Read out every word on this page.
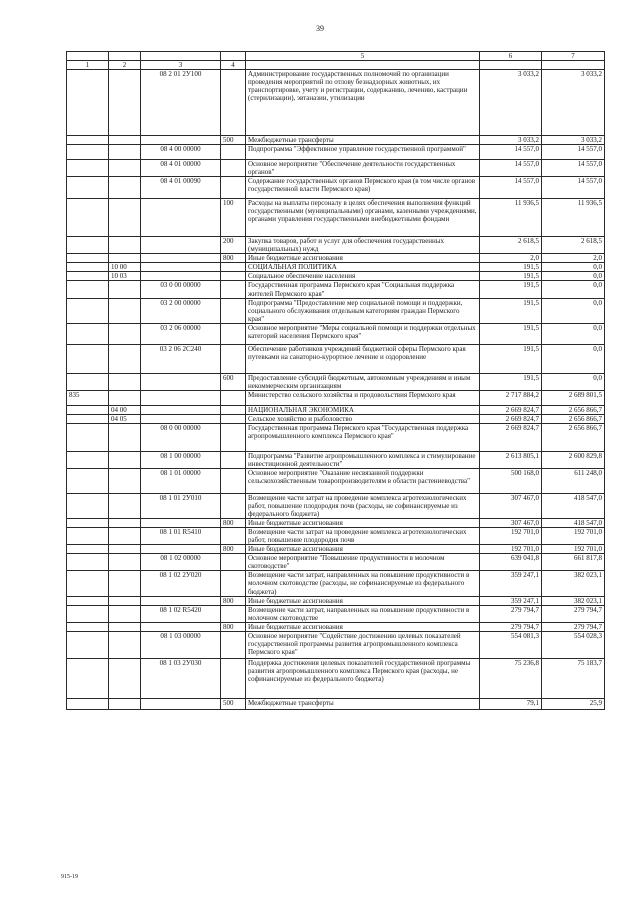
39
				5	6	7
1	2	3	4			
		08 2 01 2У100		Администрирование государственных полномочий по организации проведения мероприятий по отлову безнадзорных животных, их транспортировке, учету и регистрации, содержанию, лечению, кастрации (стерилизации), эвтаназии, утилизации	3 033,2	3 033,2
			500	Межбюджетные трансферты	3 033,2	3 033,2
		08 4 00 00000		Подпрограмма "Эффективное управление государственной программой"	14 557,0	14 557,0
		08 4 01 00000		Основное мероприятие "Обеспечение деятельности государственных органов"	14 557,0	14 557,0
		08 4 01 00090		Содержание государственных органов Пермского края (в том числе органов государственной власти Пермского края)	14 557,0	14 557,0
			100	Расходы на выплаты персоналу в целях обеспечения выполнения функций государственными (муниципальными) органами, казенными учреждениями, органами управления государственными внебюджетными фондами	11 936,5	11 936,5
			200	Закупка товаров, работ и услуг для обеспечения государственных (муниципальных) нужд	2 618,5	2 618,5
			800	Иные бюджетные ассигнования	2,0	2,0
	10 00			СОЦИАЛЬНАЯ ПОЛИТИКА	191,5	0,0
	10 03			Социальное обеспечение населения	191,5	0,0
		03 0 00 00000		Государственная программа Пермского края "Социальная поддержка жителей Пермского края"	191,5	0,0
		03 2 00 00000		Подпрограмма "Предоставление мер социальной помощи и поддержки, социального обслуживания отдельным категориям граждан Пермского края"	191,5	0,0
		03 2 06 00000		Основное мероприятие "Меры социальной помощи и поддержки отдельных категорий населения Пермского края"	191,5	0,0
		03 2 06 2С240		Обеспечение работников учреждений бюджетной сферы Пермского края путевками на санаторно-курортное лечение и оздоровление	191,5	0,0
			600	Предоставление субсидий бюджетным, автономным учреждениям и иным некоммерческим организациям	191,5	0,0
835				Министерство сельского хозяйства и продовольствия Пермского края	2 717 884,2	2 689 801,5
	04 00			НАЦИОНАЛЬНАЯ ЭКОНОМИКА	2 669 824,7	2 656 866,7
	04 05			Сельское хозяйство и рыболовство	2 669 824,7	2 656 866,7
		08 0 00 00000		Государственная программа Пермского края "Государственная поддержка агропромышленного комплекса Пермского края"	2 669 824,7	2 656 866,7
		08 1 00 00000		Подпрограмма "Развитие агропромышленного комплекса и стимулирование инвестиционной деятельности"	2 613 805,1	2 600 829,8
		08 1 01 00000		Основное мероприятие "Оказание несвязанной поддержки сельскохозяйственным товаропроизводителям в области растениеводства"	500 168,0	611 248,0
		08 1 01 2У010		Возмещение части затрат на проведение комплекса агротехнологических работ, повышение плодородия почв (расходы, не софинансируемые из федерального бюджета)	307 467,0	418 547,0
			800	Иные бюджетные ассигнования	307 467,0	418 547,0
		08 1 01 R5410		Возмещение части затрат на проведение комплекса агротехнологических работ, повышение плодородия почв	192 701,0	192 701,0
			800	Иные бюджетные ассигнования	192 701,0	192 701,0
		08 1 02 00000		Основное мероприятие "Повышение продуктивности в молочном скотоводстве"	639 041,8	661 817,8
		08 1 02 2У020		Возмещение части затрат, направленных на повышение продуктивности в молочном скотоводстве (расходы, не софинансируемые из федерального бюджета)	359 247,1	382 023,1
			800	Иные бюджетные ассигнования	359 247,1	382 023,1
		08 1 02 R5420		Возмещение части затрат, направленных на повышение продуктивности в молочном скотоводстве	279 794,7	279 794,7
			800	Иные бюджетные ассигнования	279 794,7	279 794,7
		08 1 03 00000		Основное мероприятие "Содействие достижению целевых показателей государственной программы развития агропромышленного комплекса Пермского края"	554 081,3	554 028,3
		08 1 03 2У030		Поддержка достижения целевых показателей государственной программы развития агропромышленного комплекса Пермского края (расходы, не софинансируемые из федерального бюджета)	75 236,8	75 183,7
			500	Межбюджетные трансферты	79,1	25,9
915-19
